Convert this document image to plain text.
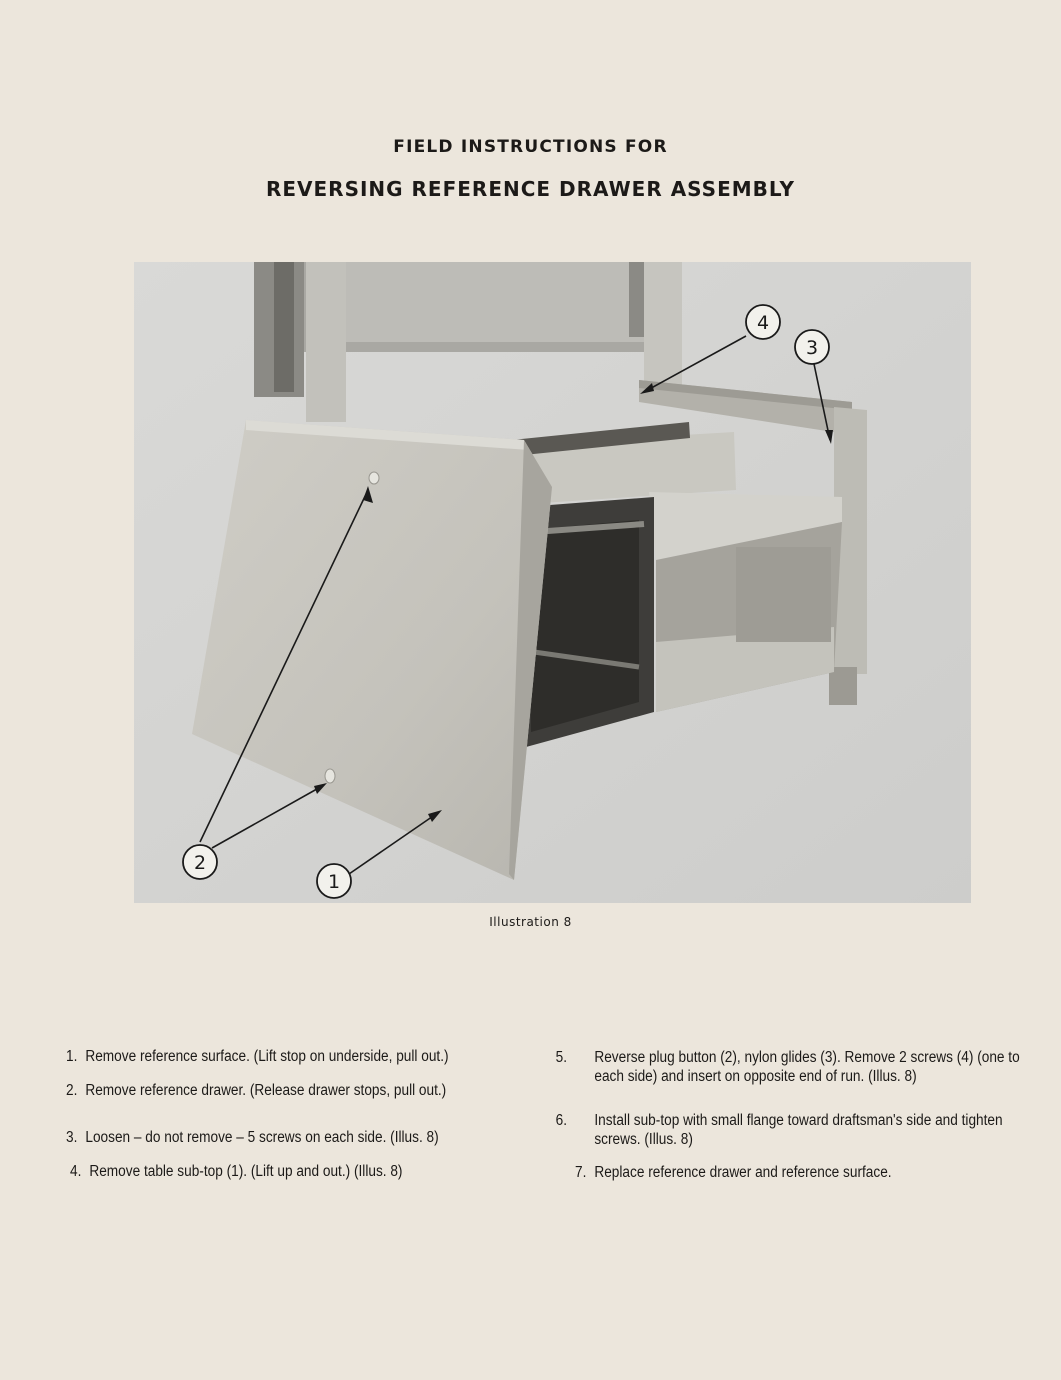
FIELD INSTRUCTIONS FOR
REVERSING REFERENCE DRAWER ASSEMBLY
1
2
3
4
Illustration 8
1. Remove reference surface. (Lift stop on underside, pull out.)
2. Remove reference drawer. (Release drawer stops, pull out.)
3. Loosen – do not remove – 5 screws on each side. (Illus. 8)
4. Remove table sub-top (1). (Lift up and out.) (Illus. 8)
5. Reverse plug button (2), nylon glides (3). Remove 2 screws (4) (one to each side) and insert on opposite end of run. (Illus. 8)
6. Install sub-top with small flange toward draftsman's side and tighten screws. (Illus. 8)
7. Replace reference drawer and reference surface.
